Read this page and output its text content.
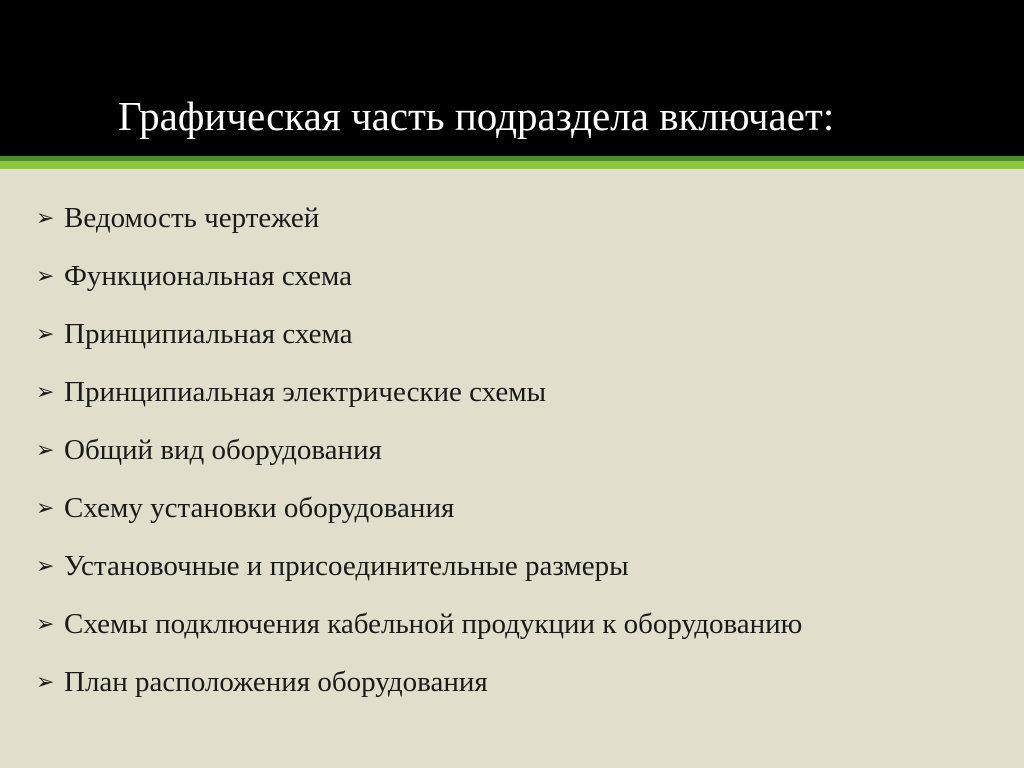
Графическая часть подраздела включает:
➢ Ведомость чертежей
➢ Функциональная схема
➢ Принципиальная схема
➢ Принципиальная электрические схемы
➢ Общий вид оборудования
➢ Схему установки оборудования
➢ Установочные и присоединительные размеры
➢ Схемы подключения кабельной продукции к оборудованию
➢ План расположения оборудования
